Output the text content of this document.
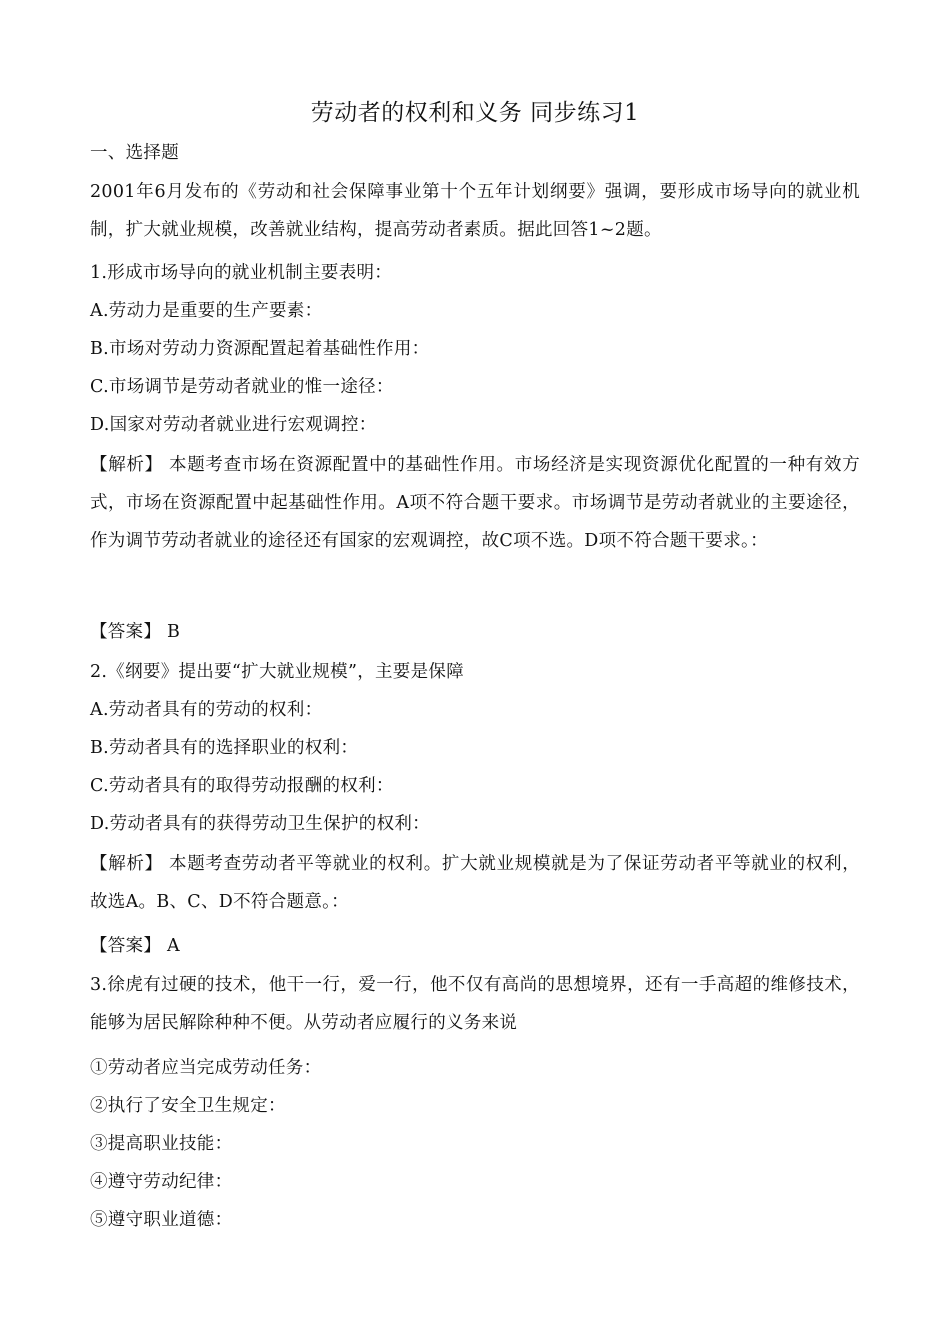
劳动者的权利和义务 同步练习1
一、选择题
2001年6月发布的《劳动和社会保障事业第十个五年计划纲要》强调，要形成市场导向的就业机制，扩大就业规模，改善就业结构，提高劳动者素质。据此回答1~2题。
1.形成市场导向的就业机制主要表明：
A.劳动力是重要的生产要素：
B.市场对劳动力资源配置起着基础性作用：
C.市场调节是劳动者就业的惟一途径：
D.国家对劳动者就业进行宏观调控：
【解析】 本题考查市场在资源配置中的基础性作用。市场经济是实现资源优化配置的一种有效方式，市场在资源配置中起基础性作用。A项不符合题干要求。市场调节是劳动者就业的主要途径，作为调节劳动者就业的途径还有国家的宏观调控，故C项不选。D项不符合题干要求。：
【答案】 B
2.《纲要》提出要“扩大就业规模”，主要是保障
A.劳动者具有的劳动的权利：
B.劳动者具有的选择职业的权利：
C.劳动者具有的取得劳动报酬的权利：
D.劳动者具有的获得劳动卫生保护的权利：
【解析】 本题考查劳动者平等就业的权利。扩大就业规模就是为了保证劳动者平等就业的权利，故选A。B、C、D不符合题意。：
【答案】 A
3.徐虎有过硬的技术，他干一行，爱一行，他不仅有高尚的思想境界，还有一手高超的维修技术，能够为居民解除种种不便。从劳动者应履行的义务来说
①劳动者应当完成劳动任务：
②执行了安全卫生规定：
③提高职业技能：
④遵守劳动纪律：
⑤遵守职业道德：
